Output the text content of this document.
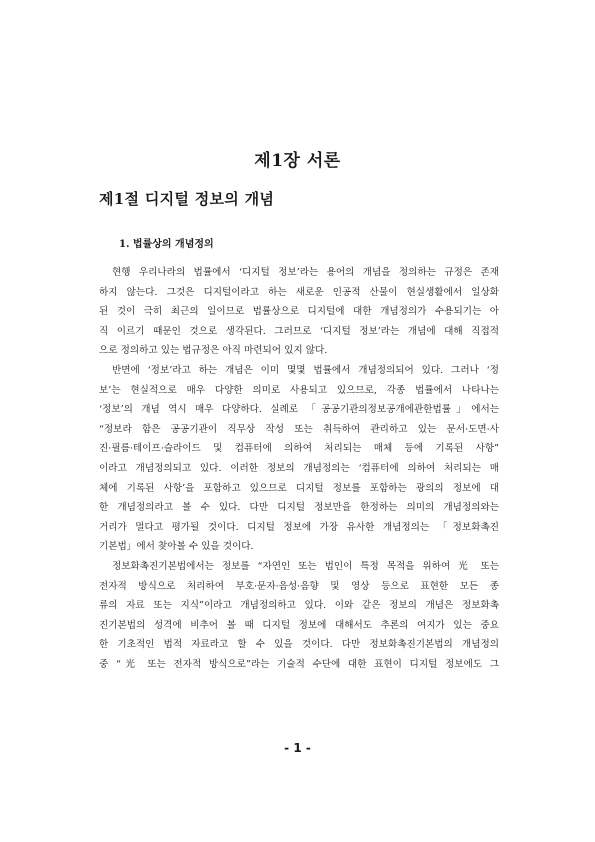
제1장 서론
제1절 디지털 정보의 개념
1. 법률상의 개념정의
현행 우리나라의 법률에서 ‘디지털 정보’라는 용어의 개념을 정의하는 규정은 존재
하지 않는다. 그것은 디지털이라고 하는 새로운 인공적 산물이 현실생활에서 일상화
된 것이 극히 최근의 일이므로 법률상으로 디지털에 대한 개념정의가 수용되기는 아
직 이르기 때문인 것으로 생각된다. 그러므로 ‘디지털 정보’라는 개념에 대해 직접적
으로 정의하고 있는 법규정은 아직 마련되어 있지 않다.
반면에 ‘정보’라고 하는 개념은 이미 몇몇 법률에서 개념정의되어 있다. 그러나 ‘정
보’는 현실적으로 매우 다양한 의미로 사용되고 있으므로, 각종 법률에서 나타나는
‘정보’의 개념 역시 매우 다양하다. 실례로 「공공기관의정보공개에관한법률」에서는
“정보라 함은 공공기관이 직무상 작성 또는 취득하여 관리하고 있는 문서·도면·사
진·필름·테이프·슬라이드 및 컴퓨터에 의하여 처리되는 매체 등에 기록된 사항”
이라고 개념정의되고 있다. 이러한 정보의 개념정의는 ‘컴퓨터에 의하여 처리되는 매
체에 기록된 사항’을 포함하고 있으므로 디지털 정보를 포함하는 광의의 정보에 대
한 개념정의라고 볼 수 있다. 다만 디지털 정보만을 한정하는 의미의 개념정의와는
거리가 멀다고 평가될 것이다. 디지털 정보에 가장 유사한 개념정의는 「정보화촉진
기본법」에서 찾아볼 수 있을 것이다.
정보화촉진기본법에서는 정보를 “자연인 또는 법인이 특정 목적을 위하여 光 또는
전자적 방식으로 처리하여 부호·문자·음성·음향 및 영상 등으로 표현한 모든 종
류의 자료 또는 지식”이라고 개념정의하고 있다. 이와 같은 정보의 개념은 정보화촉
진기본법의 성격에 비추어 볼 때 디지털 정보에 대해서도 추론의 여지가 있는 중요
한 기초적인 법적 자료라고 할 수 있을 것이다. 다만 정보화촉진기본법의 개념정의
중 “光 또는 전자적 방식으로”라는 기술적 수단에 대한 표현이 디지털 정보에도 그
- 1 -
